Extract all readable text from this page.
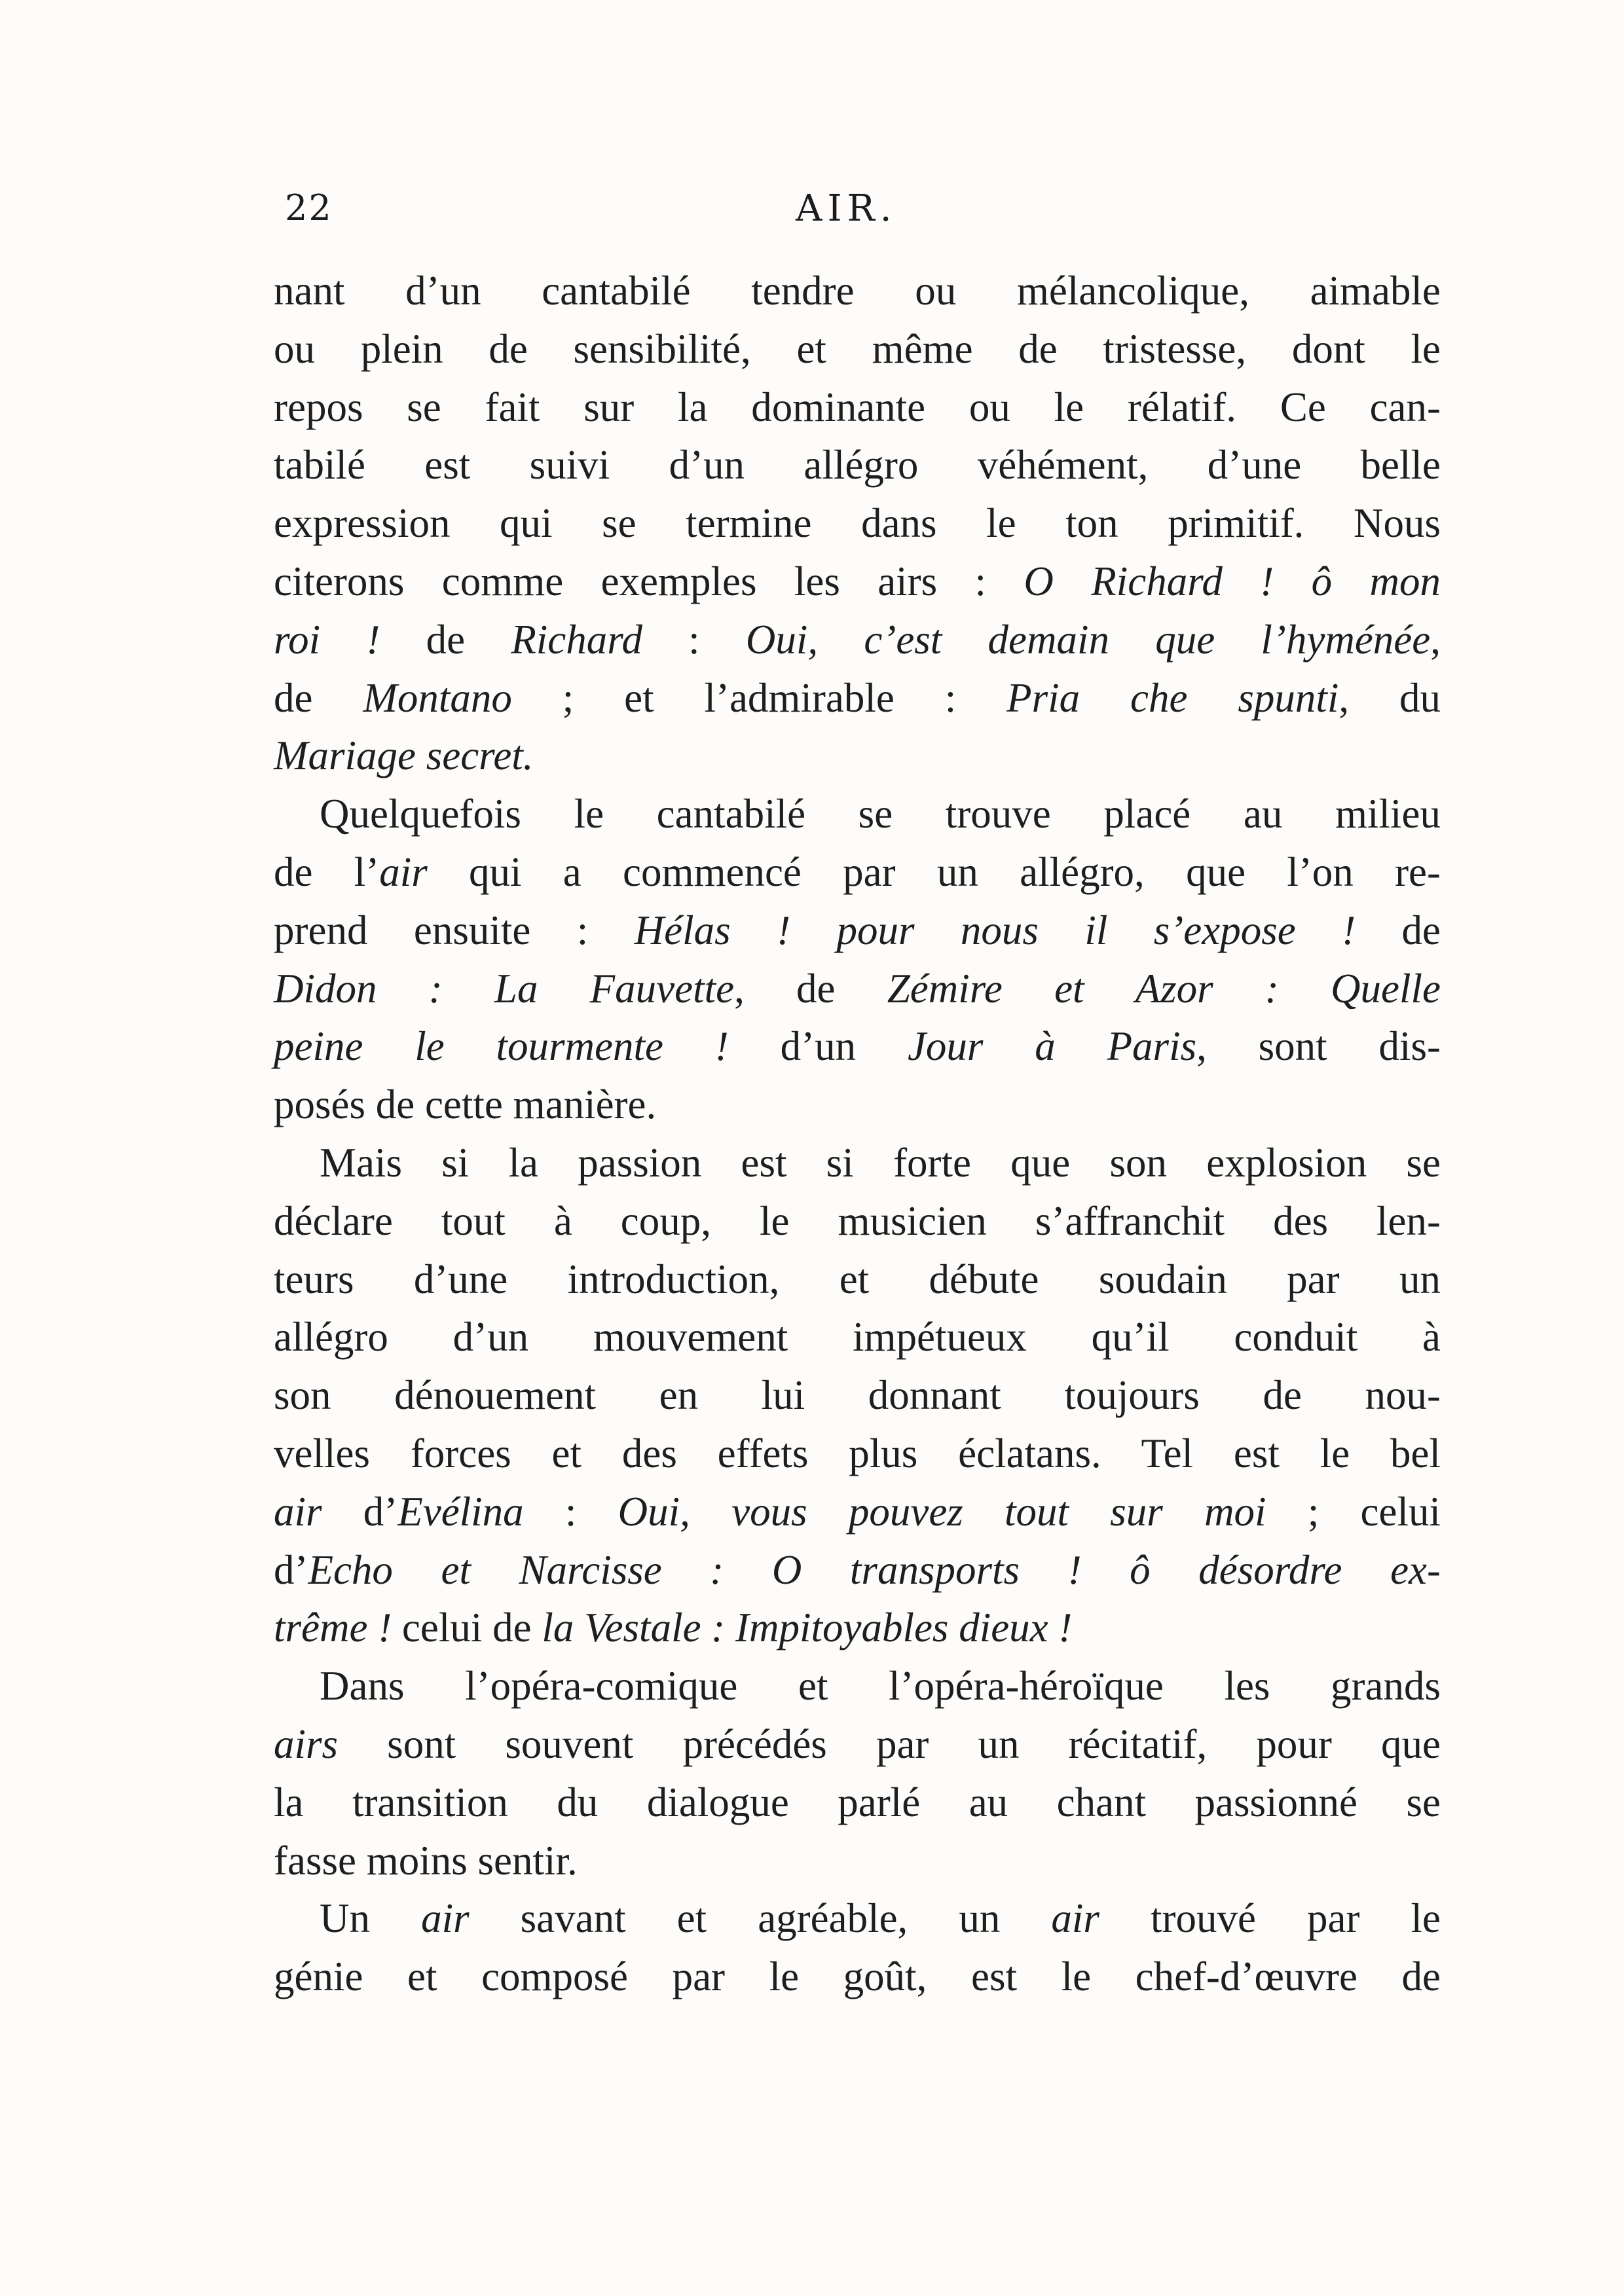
22	AIR.
nant d’un cantabilé tendre ou mélancolique, aimable
ou plein de sensibilité, et même de tristesse, dont le
repos se fait sur la dominante ou le rélatif. Ce can-
tabilé est suivi d’un allégro véhément, d’une belle
expression qui se termine dans le ton primitif. Nous
citerons comme exemples les airs : O Richard ! ô mon
roi ! de Richard : Oui, c’est demain que l’hyménée,
de Montano ; et l’admirable : Pria che spunti, du
Mariage secret.
Quelquefois le cantabilé se trouve placé au milieu
de l’air qui a commencé par un allégro, que l’on re-
prend ensuite : Hélas ! pour nous il s’expose ! de
Didon : La Fauvette, de Zémire et Azor : Quelle
peine le tourmente ! d’un Jour à Paris, sont dis-
posés de cette manière.
Mais si la passion est si forte que son explosion se
déclare tout à coup, le musicien s’affranchit des len-
teurs d’une introduction, et débute soudain par un
allégro d’un mouvement impétueux qu’il conduit à
son dénouement en lui donnant toujours de nou-
velles forces et des effets plus éclatans. Tel est le bel
air d’Evélina : Oui, vous pouvez tout sur moi ; celui
d’Echo et Narcisse : O transports ! ô désordre ex-
trême ! celui de la Vestale : Impitoyables dieux !
Dans l’opéra-comique et l’opéra-héroïque les grands
airs sont souvent précédés par un récitatif, pour que
la transition du dialogue parlé au chant passionné se
fasse moins sentir.
Un air savant et agréable, un air trouvé par le
génie et composé par le goût, est le chef-d’œuvre de
